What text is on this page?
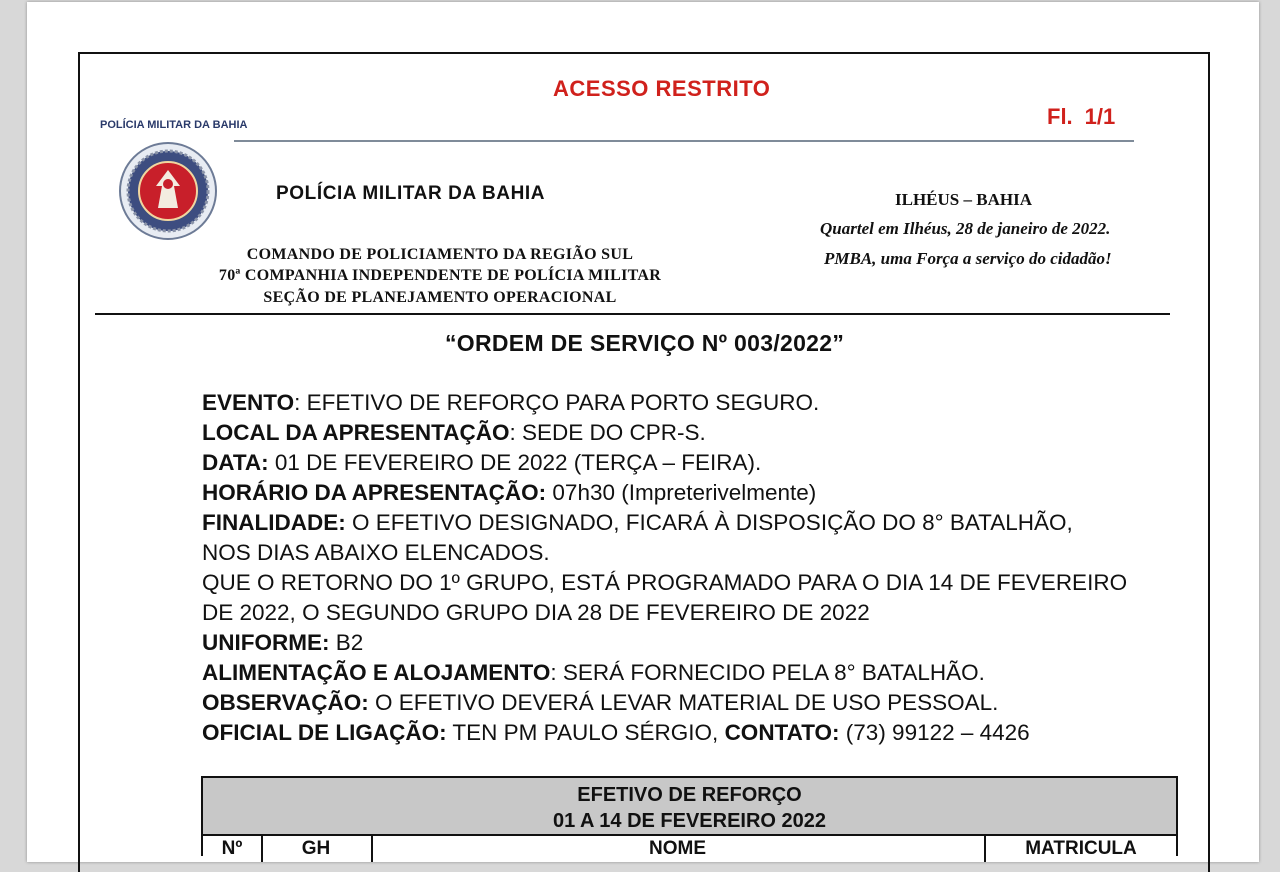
ACESSO RESTRITO
Fl. 1/1
POLÍCIA MILITAR DA BAHIA
POLÍCIA MILITAR DA BAHIA
COMANDO DE POLICIAMENTO DA REGIÃO SUL
70ª COMPANHIA INDEPENDENTE DE POLÍCIA MILITAR
SEÇÃO DE PLANEJAMENTO OPERACIONAL
ILHÉUS – BAHIA
Quartel em Ilhéus, 28 de janeiro de 2022.
PMBA, uma Força a serviço do cidadão!
“ORDEM DE SERVIÇO Nº 003/2022”
EVENTO: EFETIVO DE REFORÇO PARA PORTO SEGURO.
LOCAL DA APRESENTAÇÃO: SEDE DO CPR-S.
DATA: 01 DE FEVEREIRO DE 2022 (TERÇA – FEIRA).
HORÁRIO DA APRESENTAÇÃO: 07h30 (Impreterivelmente)
FINALIDADE: O EFETIVO DESIGNADO, FICARÁ À DISPOSIÇÃO DO 8° BATALHÃO,
NOS DIAS ABAIXO ELENCADOS.
QUE O RETORNO DO 1º GRUPO, ESTÁ PROGRAMADO PARA O DIA 14 DE FEVEREIRO
DE 2022, O SEGUNDO GRUPO DIA 28 DE FEVEREIRO DE 2022
UNIFORME: B2
ALIMENTAÇÃO E ALOJAMENTO: SERÁ FORNECIDO PELA 8° BATALHÃO.
OBSERVAÇÃO: O EFETIVO DEVERÁ LEVAR MATERIAL DE USO PESSOAL.
OFICIAL DE LIGAÇÃO: TEN PM PAULO SÉRGIO, CONTATO: (73) 99122 – 4426
EFETIVO DE REFORÇO
01 A 14 DE FEVEREIRO 2022
Nº	GH	NOME	MATRICULA
